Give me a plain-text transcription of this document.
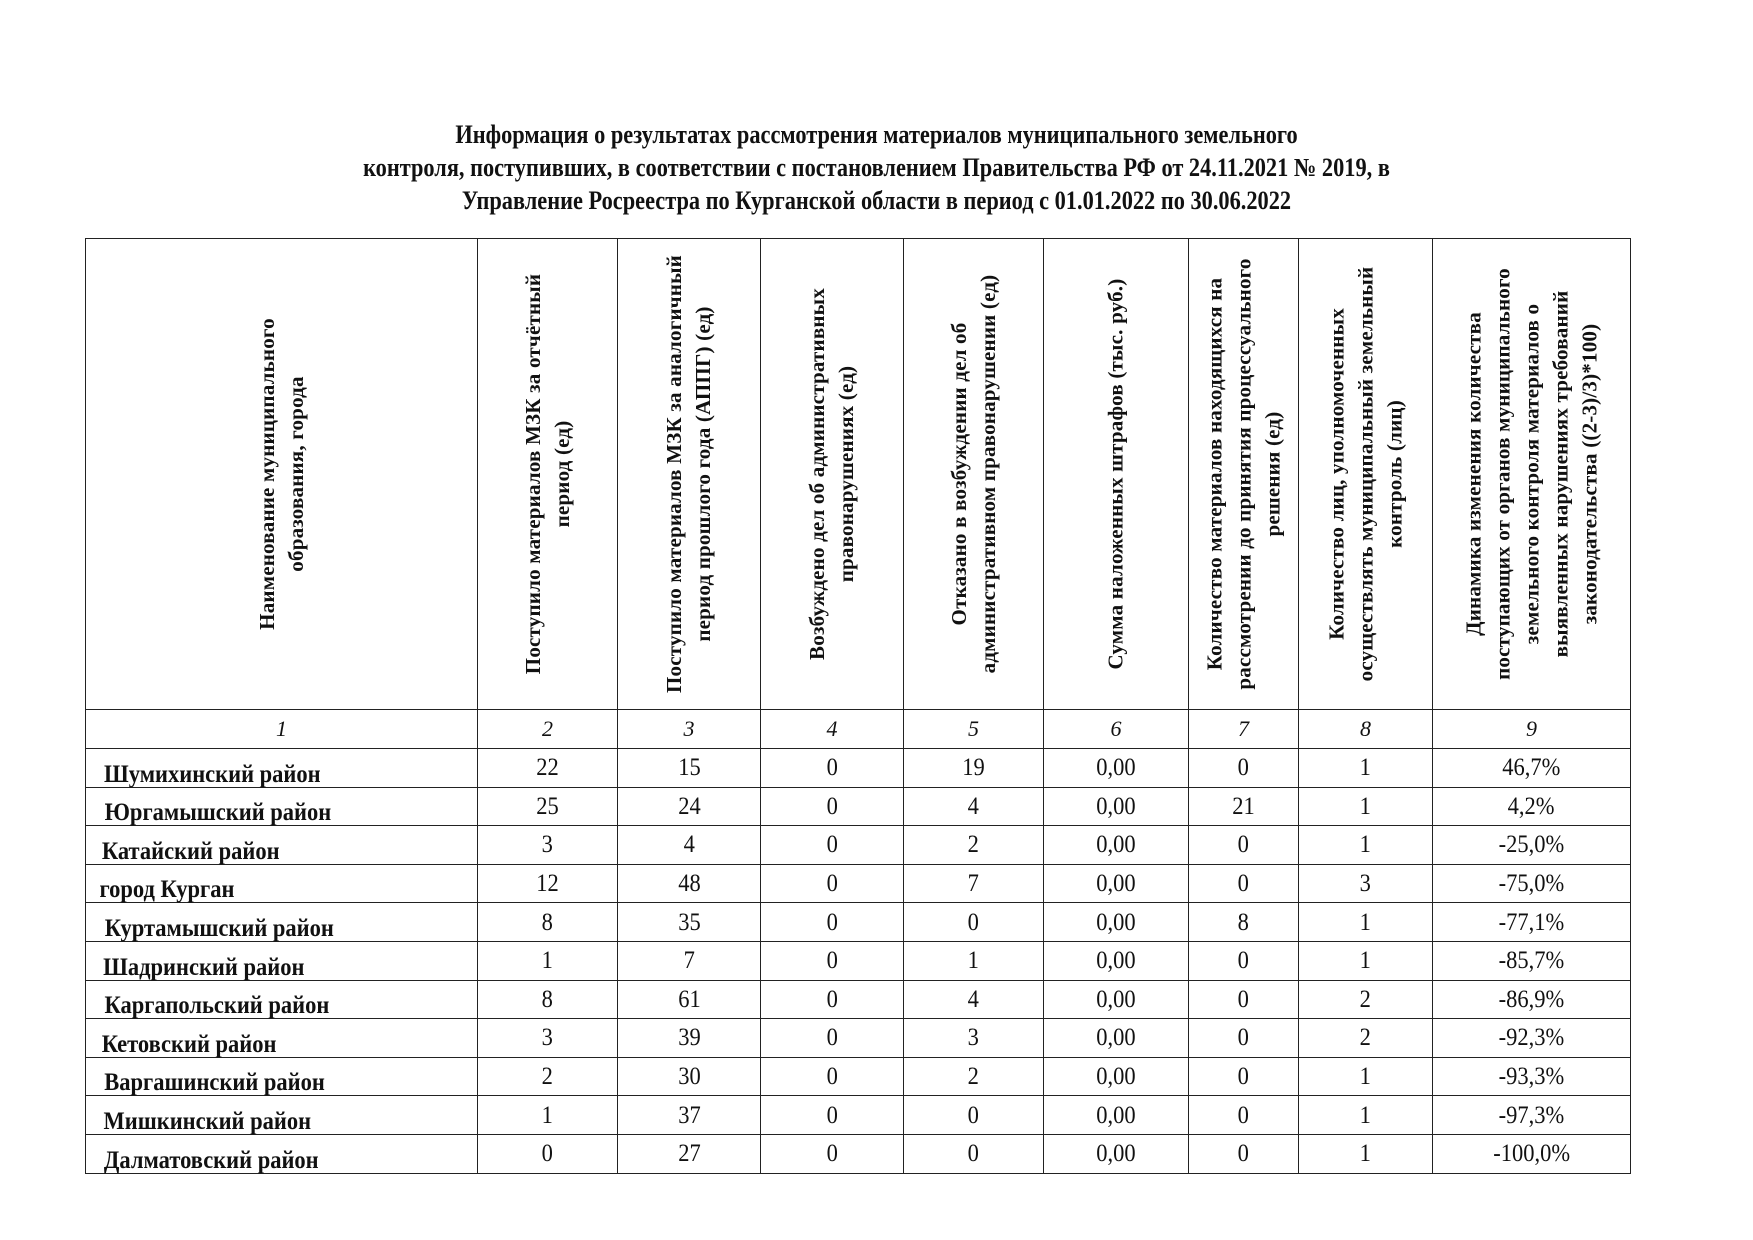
Информация о результатах рассмотрения материалов муниципального земельного
контроля, поступивших, в соответствии с постановлением Правительства РФ от 24.11.2021 № 2019, в
Управление Росреестра по Курганской области в период с 01.01.2022 по 30.06.2022
Наименование муниципального образования, города	Поступило материалов МЗК за отчётный период (ед)	Поступило материалов МЗК за аналогичный период прошлого года (АППГ) (ед)	Возбуждено дел об административных правонарушениях (ед)	Отказано в возбуждении дел об административном правонарушении (ед)	Сумма наложенных штрафов (тыс. руб.)	Количество материалов находящихся на рассмотрении до принятия процессуального решения (ед)	Количество лиц, уполномоченных осуществлять муниципальный земельный контроль (лиц)	Динамика изменения количества поступающих от органов муниципального земельного контроля материалов о выявленных нарушениях требований законодательства ((2-3)/3)*100)

1	2	3	4	5	6	7	8	9
Шумихинский район	22	15	0	19	0,00	0	1	46,7%
Юргамышский район	25	24	0	4	0,00	21	1	4,2%
Катайский район	3	4	0	2	0,00	0	1	-25,0%
город Курган	12	48	0	7	0,00	0	3	-75,0%
Куртамышский район	8	35	0	0	0,00	8	1	-77,1%
Шадринский район	1	7	0	1	0,00	0	1	-85,7%
Каргапольский район	8	61	0	4	0,00	0	2	-86,9%
Кетовский район	3	39	0	3	0,00	0	2	-92,3%
Варгашинский район	2	30	0	2	0,00	0	1	-93,3%
Мишкинский район	1	37	0	0	0,00	0	1	-97,3%
Далматовский район	0	27	0	0	0,00	0	1	-100,0%
